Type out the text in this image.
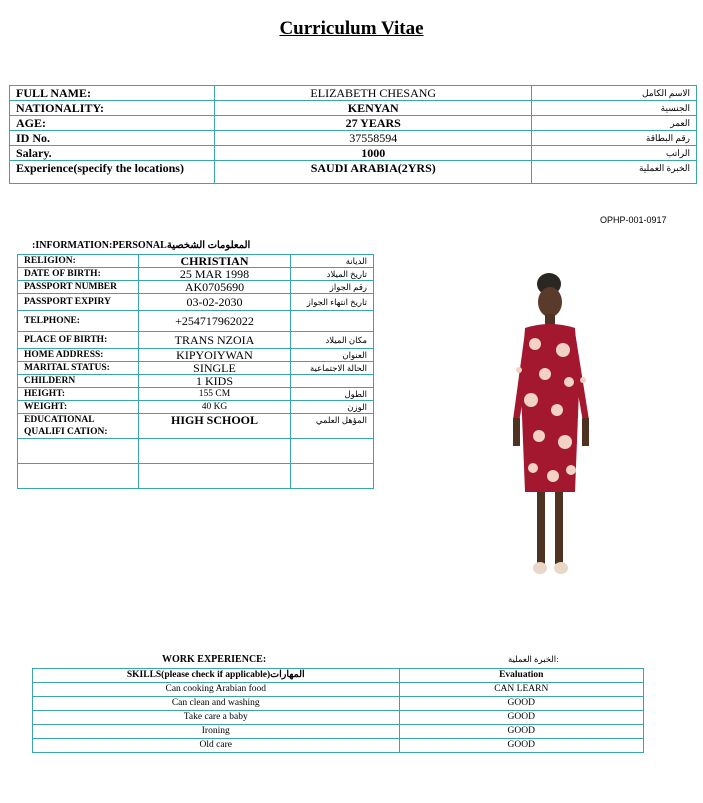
Curriculum Vitae
FULL NAME:	ELIZABETH CHESANG	الاسم الكامل
NATIONALITY:	KENYAN	الجنسية
AGE:	27 YEARS	العمر
ID No.	37558594	رقم البطاقة
Salary.	1000	الراتب
Experience(specify the locations)	SAUDI ARABIA(2YRS)	الخبرة العملية
OPHP-001-0917
:INFORMATION:PERSONALالمعلومات الشخصية
RELIGION:	CHRISTIAN	الديانة
DATE OF BIRTH:	25 MAR 1998	تاريخ الميلاد
PASSPORT NUMBER	AK0705690	رقم الجواز
PASSPORT EXPIRY	03-02-2030	تاريخ انتهاء الجواز
TELPHONE:	+254717962022	
PLACE OF BIRTH:	TRANS NZOIA	مكان الميلاد
HOME ADDRESS:	KIPYOIYWAN	العنوان
MARITAL STATUS:	SINGLE	الحالة الاجتماعية
CHILDERN	1 KIDS	
HEIGHT:	155 CM	الطول
WEIGHT:	40 KG	الوزن
EDUCATIONAL QUALIFI CATION:	HIGH SCHOOL	المؤهل العلمي

WORK EXPERIENCE:	الخبرة العملية:
SKILLS(please check if applicable)المهارات	Evaluation
Can cooking Arabian food	CAN LEARN
Can clean and washing	GOOD
Take care a baby	GOOD
Ironing	GOOD
Old care	GOOD
